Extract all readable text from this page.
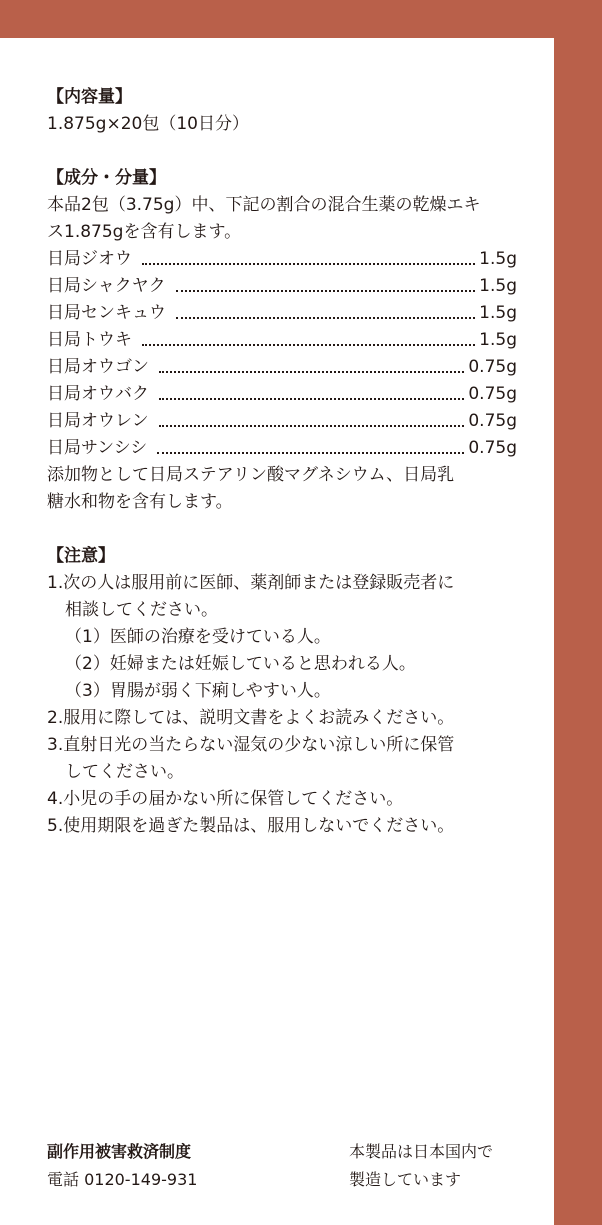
【内容量】
1.875g×20包（10日分）
【成分・分量】
本品2包（3.75g）中、下記の割合の混合生薬の乾燥エキ
ス1.875gを含有します。
日局ジオウ	1.5g
日局シャクヤク	1.5g
日局センキュウ	1.5g
日局トウキ	1.5g
日局オウゴン	0.75g
日局オウバク	0.75g
日局オウレン	0.75g
日局サンシシ	0.75g
添加物として日局ステアリン酸マグネシウム、日局乳
糖水和物を含有します。
【注意】
1.次の人は服用前に医師、薬剤師または登録販売者に
相談してください。
（1）医師の治療を受けている人。
（2）妊婦または妊娠していると思われる人。
（3）胃腸が弱く下痢しやすい人。
2.服用に際しては、説明文書をよくお読みください。
3.直射日光の当たらない湿気の少ない涼しい所に保管
してください。
4.小児の手の届かない所に保管してください。
5.使用期限を過ぎた製品は、服用しないでください。
副作用被害救済制度
電話 0120-149-931
本製品は日本国内で
製造しています
